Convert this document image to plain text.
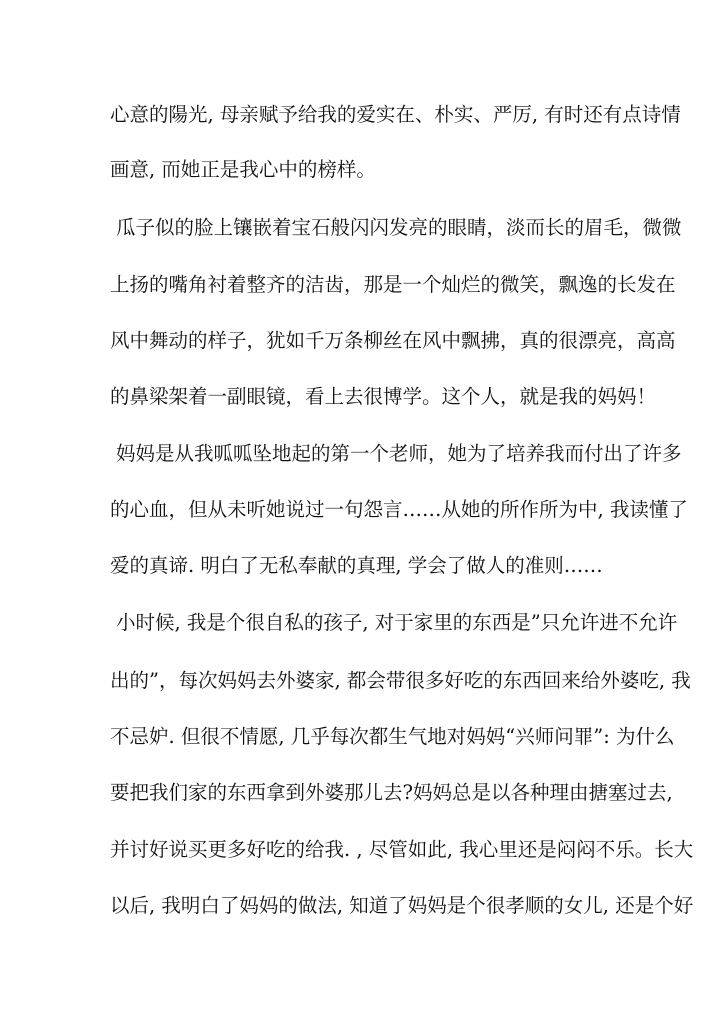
心意的陽光, 母亲赋予给我的爱实在、朴实、严厉, 有时还有点诗情
画意, 而她正是我心中的榜样。
瓜子似的脸上镶嵌着宝石般闪闪发亮的眼睛，淡而长的眉毛，微微
上扬的嘴角衬着整齐的洁齿，那是一个灿烂的微笑，飘逸的长发在
风中舞动的样子，犹如千万条柳丝在风中飘拂，真的很漂亮，高高
的鼻梁架着一副眼镜，看上去很博学。这个人，就是我的妈妈！
妈妈是从我呱呱坠地起的第一个老师，她为了培养我而付出了许多
的心血，但从未听她说过一句怨言……从她的所作所为中, 我读懂了
爱的真谛. 明白了无私奉献的真理, 学会了做人的准则……
小时候, 我是个很自私的孩子, 对于家里的东西是”只允许进不允许
出的”，每次妈妈去外婆家, 都会带很多好吃的东西回来给外婆吃, 我
不忌妒. 但很不情愿, 几乎每次都生气地对妈妈“兴师问罪”: 为什么
要把我们家的东西拿到外婆那儿去?妈妈总是以各种理由搪塞过去,
并讨好说买更多好吃的给我. , 尽管如此, 我心里还是闷闷不乐。长大
以后, 我明白了妈妈的做法, 知道了妈妈是个很孝顺的女儿, 还是个好
